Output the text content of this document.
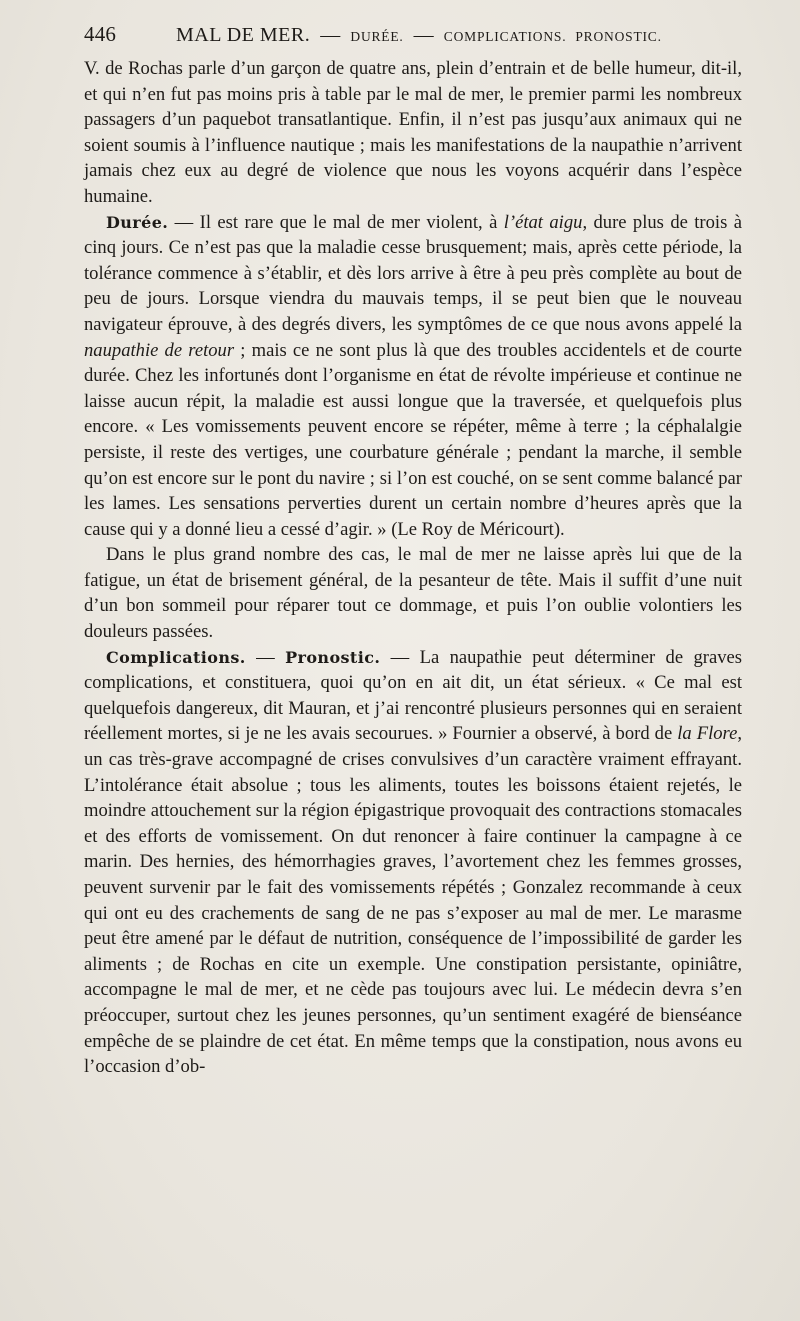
446	MAL DE MER. — DURÉE. — COMPLICATIONS. PRONOSTIC.

V. de Rochas parle d’un garçon de quatre ans, plein d’entrain et de belle humeur, dit-il, et qui n’en fut pas moins pris à table par le mal de mer, le premier parmi les nombreux passagers d’un paquebot transatlantique. Enfin, il n’est pas jusqu’aux animaux qui ne soient soumis à l’influence nautique ; mais les manifestations de la naupathie n’arrivent jamais chez eux au degré de violence que nous les voyons acquérir dans l’espèce humaine.

Durée. — Il est rare que le mal de mer violent, à l’état aigu, dure plus de trois à cinq jours. Ce n’est pas que la maladie cesse brusquement; mais, après cette période, la tolérance commence à s’établir, et dès lors arrive à être à peu près complète au bout de peu de jours. Lorsque viendra du mauvais temps, il se peut bien que le nouveau navigateur éprouve, à des degrés divers, les symptômes de ce que nous avons appelé la naupathie de retour ; mais ce ne sont plus là que des troubles accidentels et de courte durée. Chez les infortunés dont l’organisme en état de révolte impérieuse et continue ne laisse aucun répit, la maladie est aussi longue que la traversée, et quelquefois plus encore. « Les vomissements peuvent encore se répéter, même à terre ; la céphalalgie persiste, il reste des vertiges, une courbature générale ; pendant la marche, il semble qu’on est encore sur le pont du navire ; si l’on est couché, on se sent comme balancé par les lames. Les sensations perverties durent un certain nombre d’heures après que la cause qui y a donné lieu a cessé d’agir. » (Le Roy de Méricourt).

Dans le plus grand nombre des cas, le mal de mer ne laisse après lui que de la fatigue, un état de brisement général, de la pesanteur de tête. Mais il suffit d’une nuit d’un bon sommeil pour réparer tout ce dommage, et puis l’on oublie volontiers les douleurs passées.

Complications. — Pronostic. — La naupathie peut déterminer de graves complications, et constituera, quoi qu’on en ait dit, un état sérieux. « Ce mal est quelquefois dangereux, dit Mauran, et j’ai rencontré plusieurs personnes qui en seraient réellement mortes, si je ne les avais secourues. » Fournier a observé, à bord de la Flore, un cas très-grave accompagné de crises convulsives d’un caractère vraiment effrayant. L’intolérance était absolue ; tous les aliments, toutes les boissons étaient rejetés, le moindre attouchement sur la région épigastrique provoquait des contractions stomacales et des efforts de vomissement. On dut renoncer à faire continuer la campagne à ce marin. Des hernies, des hémorrhagies graves, l’avortement chez les femmes grosses, peuvent survenir par le fait des vomissements répétés ; Gonzalez recommande à ceux qui ont eu des crachements de sang de ne pas s’exposer au mal de mer. Le marasme peut être amené par le défaut de nutrition, conséquence de l’impossibilité de garder les aliments ; de Rochas en cite un exemple. Une constipation persistante, opiniâtre, accompagne le mal de mer, et ne cède pas toujours avec lui. Le médecin devra s’en préoccuper, surtout chez les jeunes personnes, qu’un sentiment exagéré de bienséance empêche de se plaindre de cet état. En même temps que la constipation, nous avons eu l’occasion d’ob-
